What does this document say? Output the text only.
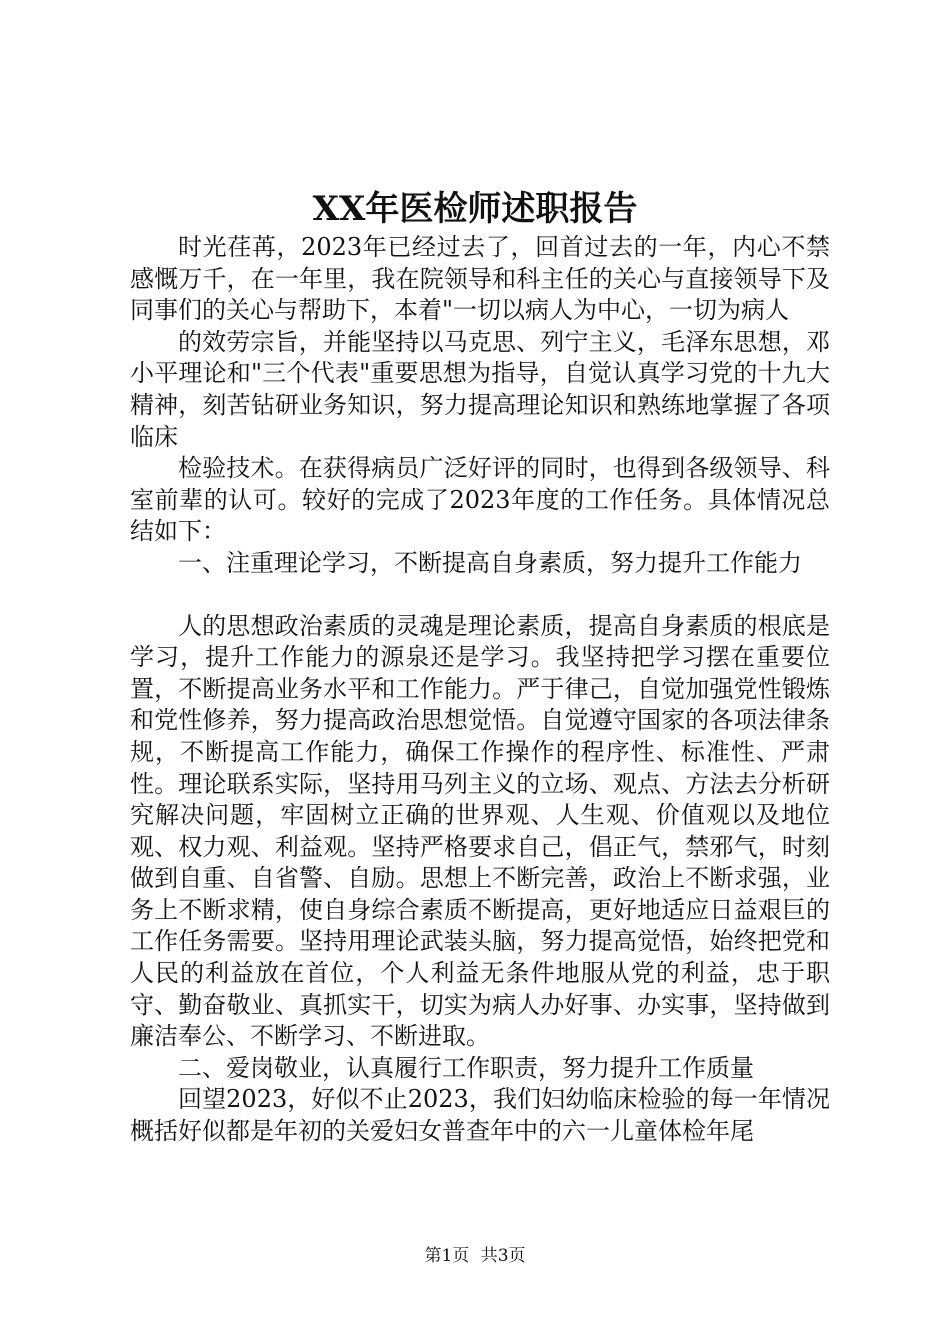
XX年医检师述职报告

时光荏苒，2023年已经过去了，回首过去的一年，内心不禁感慨万千，在一年里，我在院领导和科主任的关心与直接领导下及同事们的关心与帮助下，本着"一切以病人为中心，一切为病人

的效劳宗旨，并能坚持以马克思、列宁主义，毛泽东思想，邓小平理论和"三个代表"重要思想为指导，自觉认真学习党的十九大精神，刻苦钻研业务知识，努力提高理论知识和熟练地掌握了各项临床

检验技术。在获得病员广泛好评的同时，也得到各级领导、科室前辈的认可。较好的完成了2023年度的工作任务。具体情况总结如下：

一、注重理论学习，不断提高自身素质，努力提升工作能力

人的思想政治素质的灵魂是理论素质，提高自身素质的根底是学习，提升工作能力的源泉还是学习。我坚持把学习摆在重要位置，不断提高业务水平和工作能力。严于律己，自觉加强党性锻炼和党性修养，努力提高政治思想觉悟。自觉遵守国家的各项法律条规，不断提高工作能力，确保工作操作的程序性、标准性、严肃性。理论联系实际，坚持用马列主义的立场、观点、方法去分析研究解决问题，牢固树立正确的世界观、人生观、价值观以及地位观、权力观、利益观。坚持严格要求自己，倡正气，禁邪气，时刻做到自重、自省警、自励。思想上不断完善，政治上不断求强，业务上不断求精，使自身综合素质不断提高，更好地适应日益艰巨的工作任务需要。坚持用理论武装头脑，努力提高觉悟，始终把党和人民的利益放在首位，个人利益无条件地服从党的利益，忠于职守、勤奋敬业、真抓实干，切实为病人办好事、办实事，坚持做到廉洁奉公、不断学习、不断进取。

二、爱岗敬业，认真履行工作职责，努力提升工作质量

回望2023，好似不止2023，我们妇幼临床检验的每一年情况概括好似都是年初的关爱妇女普查年中的六一儿童体检年尾

第1页 共3页
